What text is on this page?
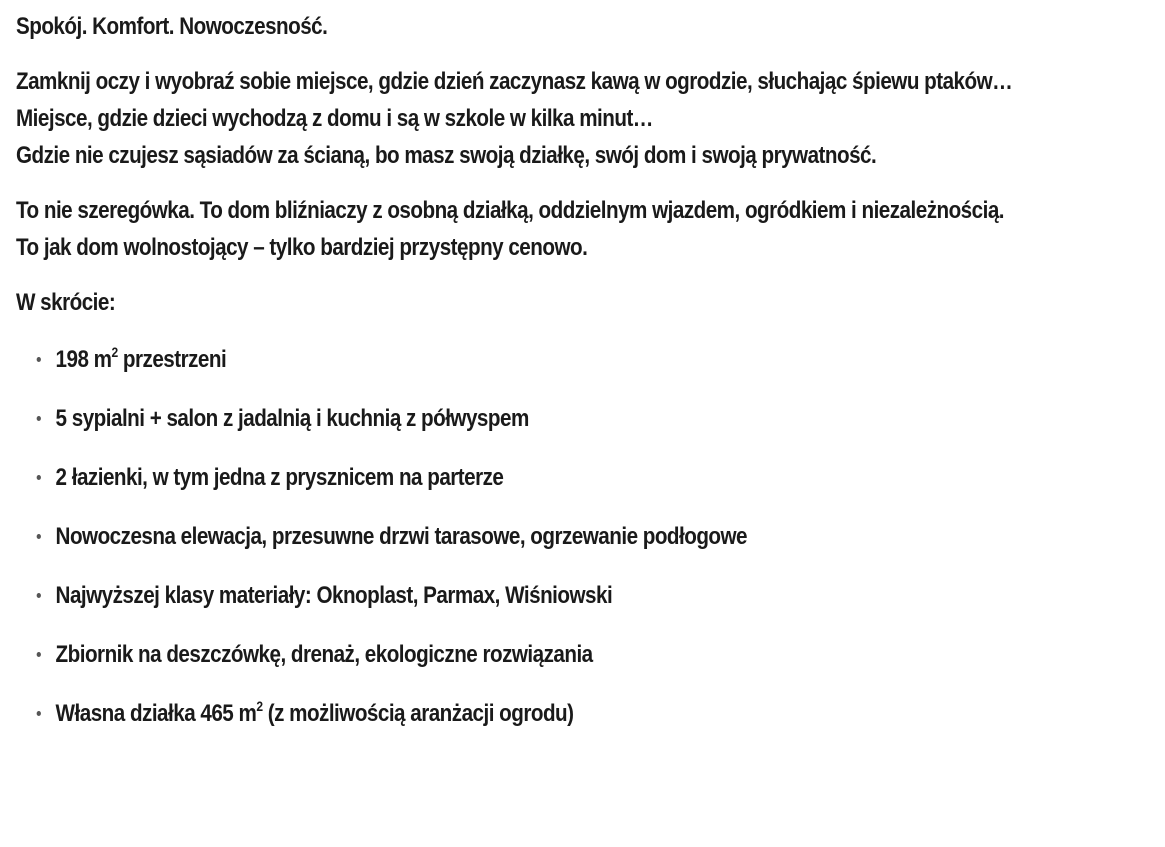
Spokój. Komfort. Nowoczesność.

Zamknij oczy i wyobraź sobie miejsce, gdzie dzień zaczynasz kawą w ogrodzie, słuchając śpiewu ptaków…
Miejsce, gdzie dzieci wychodzą z domu i są w szkole w kilka minut…
Gdzie nie czujesz sąsiadów za ścianą, bo masz swoją działkę, swój dom i swoją prywatność.

To nie szeregówka. To dom bliźniaczy z osobną działką, oddzielnym wjazdem, ogródkiem i niezależnością.
To jak dom wolnostojący – tylko bardziej przystępny cenowo.

W skrócie:

198 $m^2$ przestrzeni
5 sypialni + salon z jadalnią i kuchnią z półwyspem
2 łazienki, w tym jedna z prysznicem na parterze
Nowoczesna elewacja, przesuwne drzwi tarasowe, ogrzewanie podłogowe
Najwyższej klasy materiały: Oknoplast, Parmax, Wiśniowski
Zbiornik na deszczówkę, drenaż, ekologiczne rozwiązania
Własna działka 465 $m^2$ (z możliwością aranżacji ogrodu)
